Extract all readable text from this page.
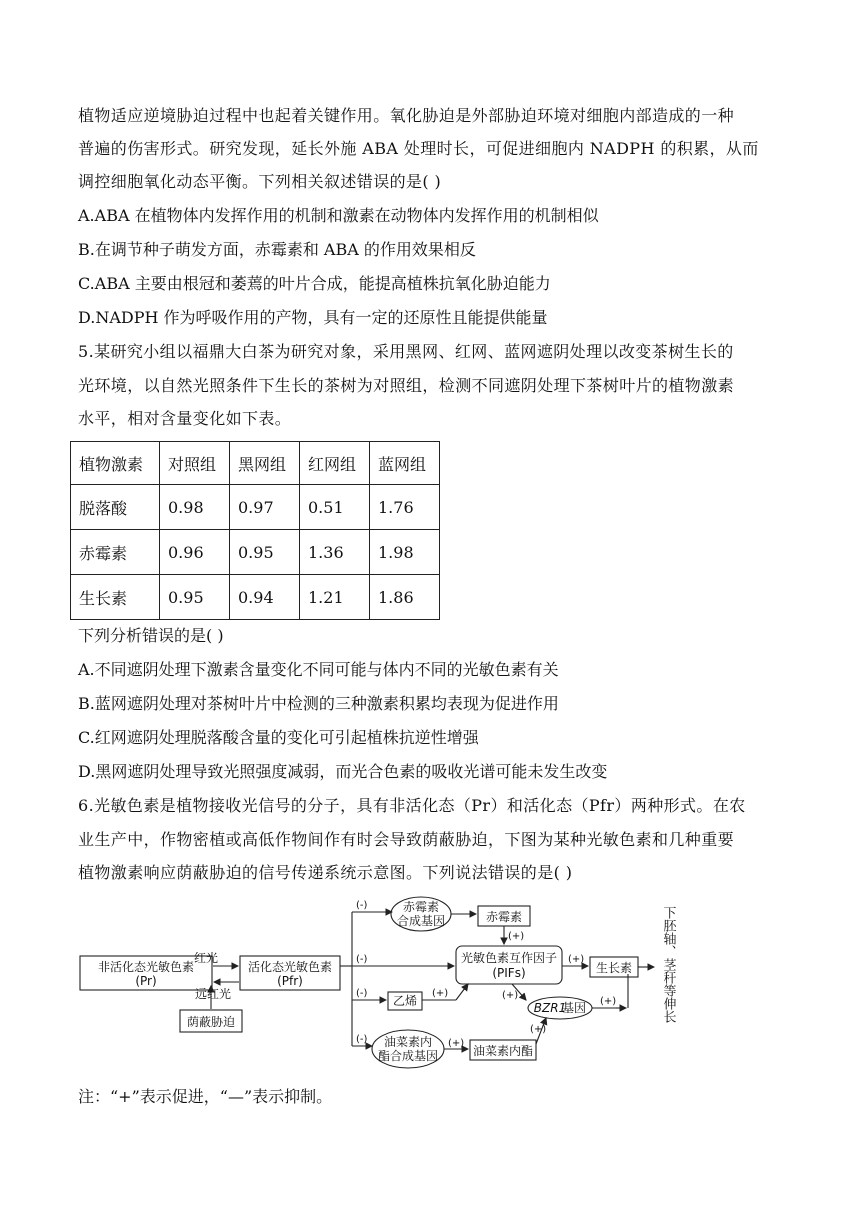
植物适应逆境胁迫过程中也起着关键作用。氧化胁迫是外部胁迫环境对细胞内部造成的一种
普遍的伤害形式。研究发现，延长外施 ABA 处理时长，可促进细胞内 NADPH 的积累，从而
调控细胞氧化动态平衡。下列相关叙述错误的是( )
A.ABA 在植物体内发挥作用的机制和激素在动物体内发挥作用的机制相似
B.在调节种子萌发方面，赤霉素和 ABA 的作用效果相反
C.ABA 主要由根冠和萎蔫的叶片合成，能提高植株抗氧化胁迫能力
D.NADPH 作为呼吸作用的产物，具有一定的还原性且能提供能量
5.某研究小组以福鼎大白茶为研究对象，采用黑网、红网、蓝网遮阴处理以改变茶树生长的
光环境，以自然光照条件下生长的茶树为对照组，检测不同遮阴处理下茶树叶片的植物激素
水平，相对含量变化如下表。
植物激素	对照组	黑网组	红网组	蓝网组
脱落酸	0.98	0.97	0.51	1.76
赤霉素	0.96	0.95	1.36	1.98
生长素	0.95	0.94	1.21	1.86
下列分析错误的是( )
A.不同遮阴处理下激素含量变化不同可能与体内不同的光敏色素有关
B.蓝网遮阴处理对茶树叶片中检测的三种激素积累均表现为促进作用
C.红网遮阴处理脱落酸含量的变化可引起植株抗逆性增强
D.黑网遮阴处理导致光照强度减弱，而光合色素的吸收光谱可能未发生改变
6.光敏色素是植物接收光信号的分子，具有非活化态（Pr）和活化态（Pfr）两种形式。在农
业生产中，作物密植或高低作物间作有时会导致荫蔽胁迫，下图为某种光敏色素和几种重要
植物激素响应荫蔽胁迫的信号传递系统示意图。下列说法错误的是( )
非活化态光敏色素
(Pr)
活化态光敏色素
(Pfr)
红光
远红光
荫蔽胁迫
赤霉素
合成基因	赤霉素
光敏色素互作因子
(PIFs)	生长素
乙烯	BZR1
基因
油菜素内
酯合成基因	油菜素内酯
下胚轴、茎秆等伸长
(-)
(-)
(-)
(-)
(+)
(+)
(+)	(+)
(+)
(+)
(+)
注：“+”表示促进，“—”表示抑制。
